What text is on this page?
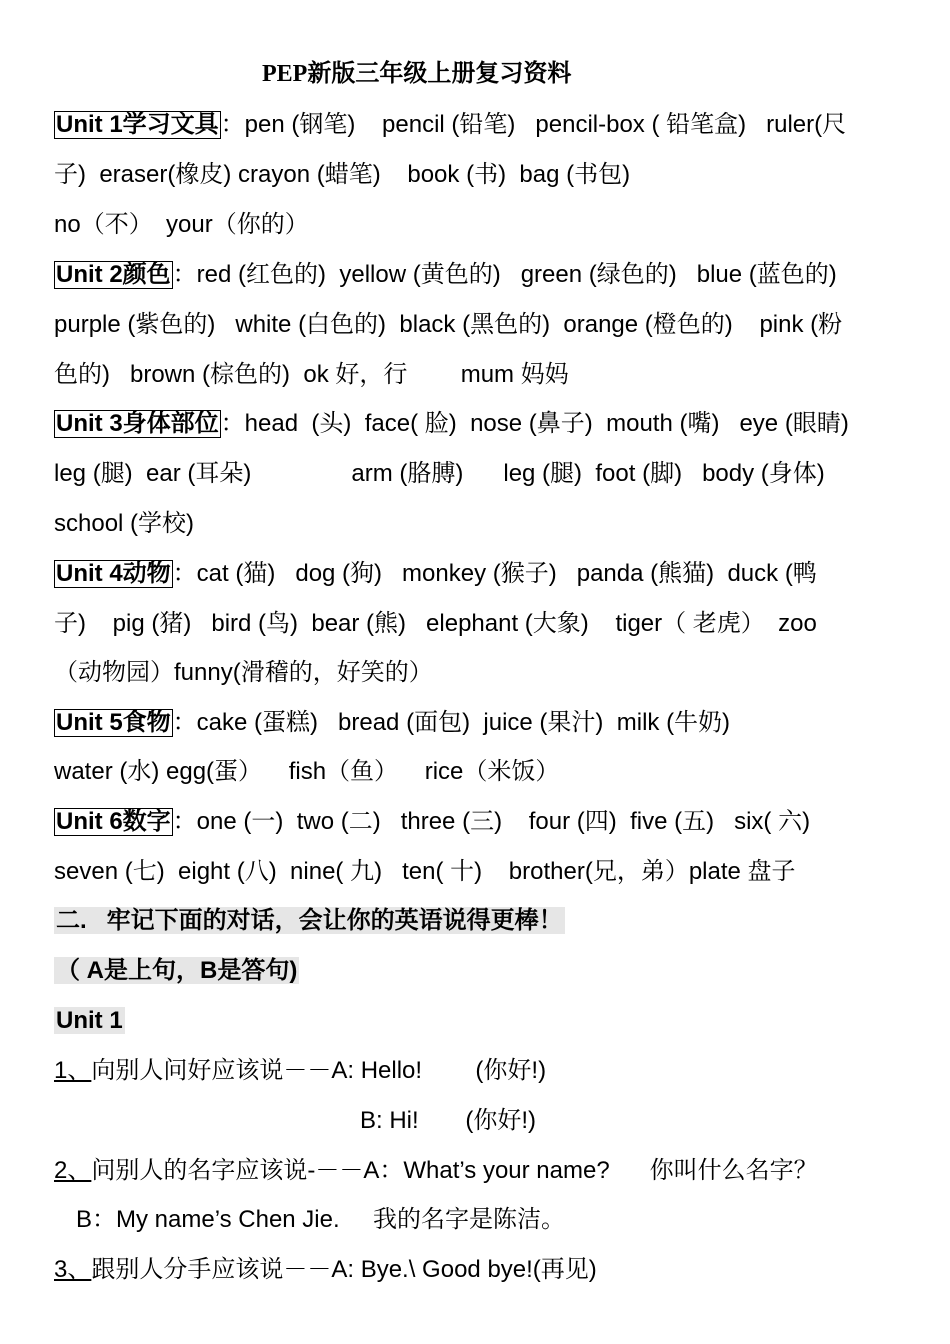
PEP新版三年级上册复习资料
Unit 1学习文具：pen (钢笔)    pencil (铅笔)   pencil-box ( 铅笔盒)   ruler(尺
子)  eraser(橡皮) crayon (蜡笔)    book (书)  bag (书包)
no（不）  your（你的）
Unit 2颜色：red (红色的)  yellow (黄色的)   green (绿色的)   blue (蓝色的)
purple (紫色的)   white (白色的)  black (黑色的)  orange (橙色的)    pink (粉
色的)   brown (棕色的)  ok 好，行        mum 妈妈
Unit 3身体部位：head  (头)  face( 脸)  nose (鼻子)  mouth (嘴)   eye (眼睛)
leg (腿)  ear (耳朵)               arm (胳膊)      leg (腿)  foot (脚)   body (身体)
school (学校)
Unit 4动物：cat (猫)   dog (狗)   monkey (猴子)   panda (熊猫)  duck (鸭
子)    pig (猪)   bird (鸟)  bear (熊)   elephant (大象)    tiger（ 老虎）  zoo
（动物园）funny(滑稽的，好笑的）
Unit 5食物：cake (蛋糕)   bread (面包)  juice (果汁)  milk (牛奶)
water (水) egg(蛋）    fish（鱼）    rice（米饭）
Unit 6数字：one (一)  two (二)   three (三)    four (四)  five (五)   six( 六)
seven (七)  eight (八)  nine( 九)   ten( 十)    brother(兄，弟）plate 盘子
二.   牢记下面的对话，会让你的英语说得更棒！
（ A是上句，B是答句)
Unit 1
1、向别人问好应该说－－A: Hello!        (你好!)
B: Hi!       (你好!)
2、问别人的名字应该说-－－A：What’s your name?      你叫什么名字？
B：My name’s Chen Jie.     我的名字是陈洁。
3、跟别人分手应该说－－A: Bye.\ Good bye!(再见)
